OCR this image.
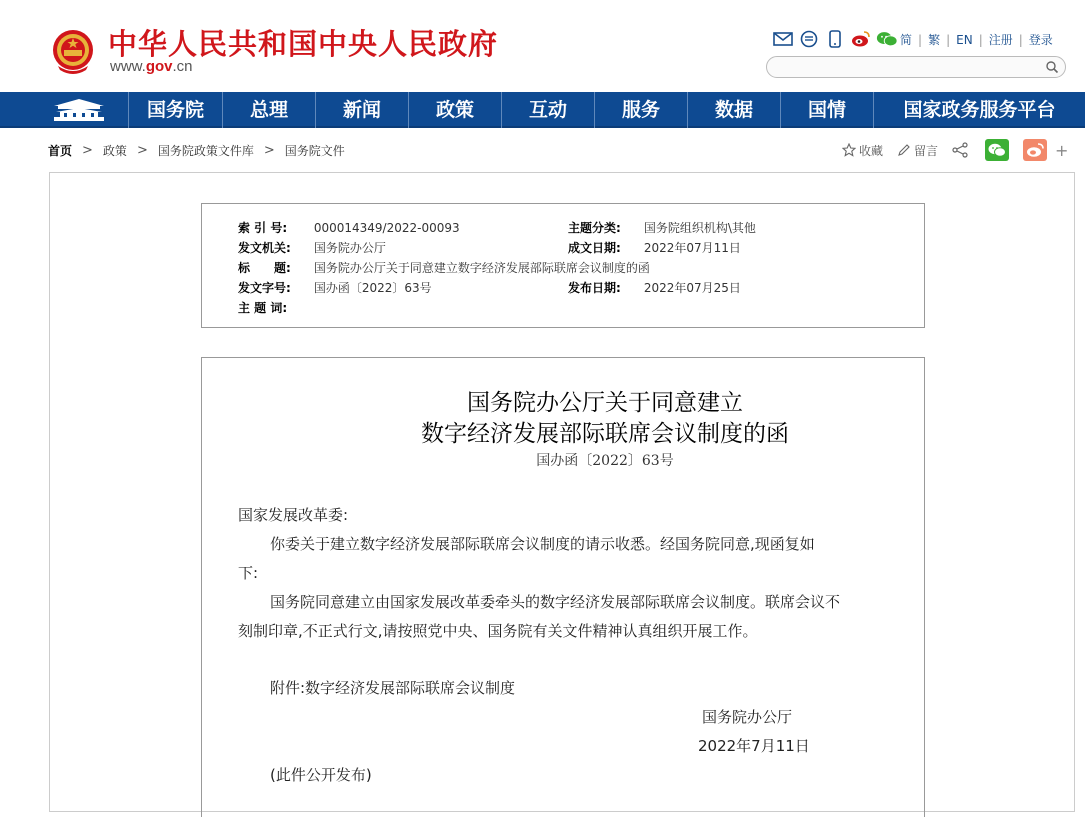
中华人民共和国中央人民政府
www.gov.cn
简 | 繁 | EN | 注册 | 登录
国务院	总理	新闻	政策	互动	服务	数据	国情	国家政务服务平台
首页 > 政策 > 国务院政策文件库 > 国务院文件	收藏	留言	+
索 引 号: 000014349/2022-00093	主题分类: 国务院组织机构\其他
发文机关: 国务院办公厅	成文日期: 2022年07月11日
标　　题: 国务院办公厅关于同意建立数字经济发展部际联席会议制度的函
发文字号: 国办函〔2022〕63号	发布日期: 2022年07月25日
主 题 词:
国务院办公厅关于同意建立
数字经济发展部际联席会议制度的函
国办函〔2022〕63号
国家发展改革委:
你委关于建立数字经济发展部际联席会议制度的请示收悉。经国务院同意,现函复如
下:
国务院同意建立由国家发展改革委牵头的数字经济发展部际联席会议制度。联席会议不
刻制印章,不正式行文,请按照党中央、国务院有关文件精神认真组织开展工作。
附件:数字经济发展部际联席会议制度
国务院办公厅
2022年7月11日
(此件公开发布)
